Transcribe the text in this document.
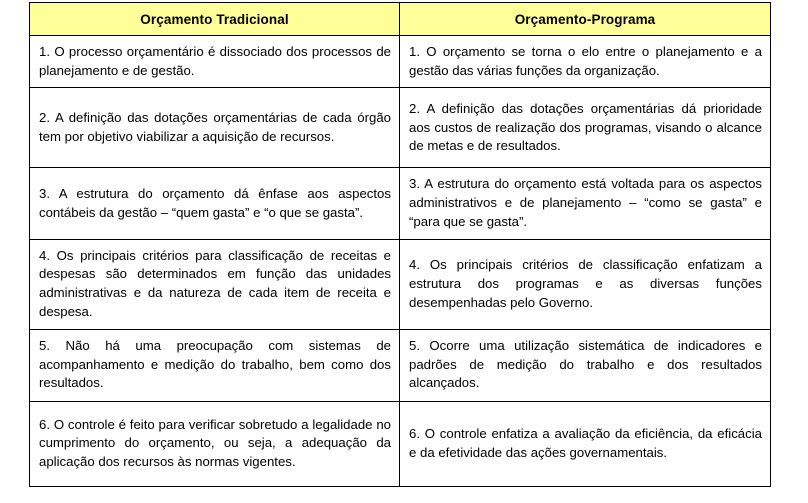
Orçamento Tradicional	Orçamento-Programa
1. O processo orçamentário é dissociado dos processos de planejamento e de gestão.	1. O orçamento se torna o elo entre o planejamento e a gestão das várias funções da organização.
2. A definição das dotações orçamentárias de cada órgão tem por objetivo viabilizar a aquisição de recursos.	2. A definição das dotações orçamentárias dá prioridade aos custos de realização dos programas, visando o alcance de metas e de resultados.
3. A estrutura do orçamento dá ênfase aos aspectos contábeis da gestão – “quem gasta” e “o que se gasta”.	3. A estrutura do orçamento está voltada para os aspectos administrativos e de planejamento – “como se gasta” e “para que se gasta”.
4. Os principais critérios para classificação de receitas e despesas são determinados em função das unidades administrativas e da natureza de cada item de receita e despesa.	4. Os principais critérios de classificação enfatizam a estrutura dos programas e as diversas funções desempenhadas pelo Governo.
5. Não há uma preocupação com sistemas de acompanhamento e medição do trabalho, bem como dos resultados.	5. Ocorre uma utilização sistemática de indicadores e padrões de medição do trabalho e dos resultados alcançados.
6. O controle é feito para verificar sobretudo a legalidade no cumprimento do orçamento, ou seja, a adequação da aplicação dos recursos às normas vigentes.	6. O controle enfatiza a avaliação da eficiência, da eficácia e da efetividade das ações governamentais.
